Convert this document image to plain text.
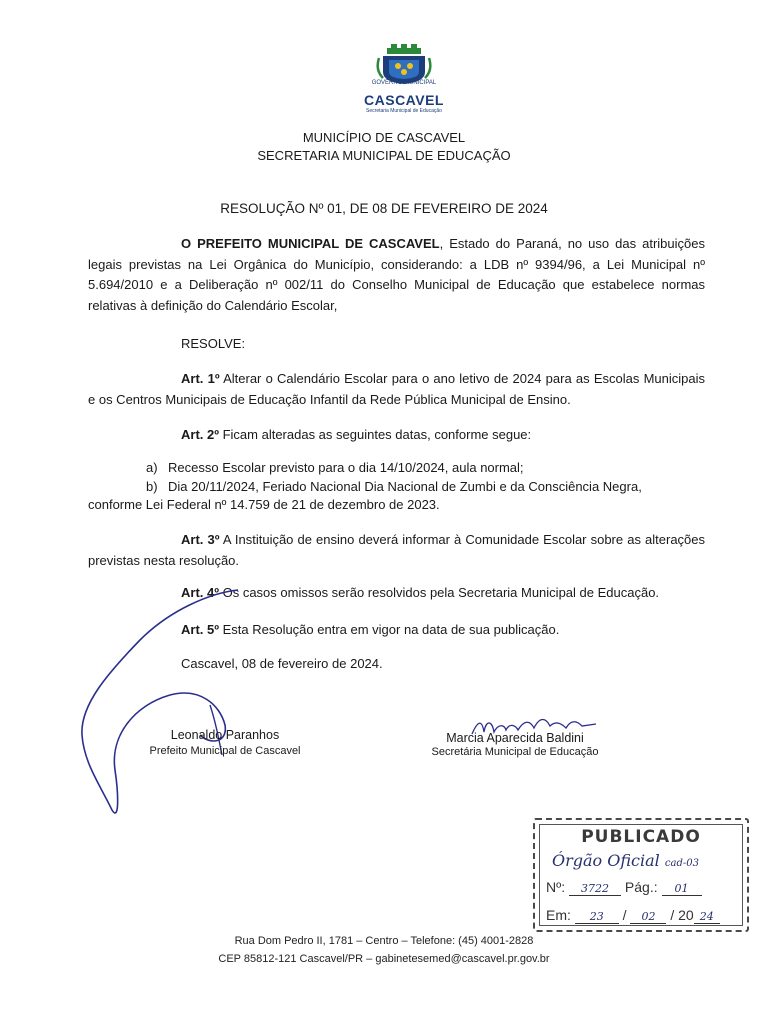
GOVERNO MUNICIPAL
CASCAVEL
Secretaria Municipal de Educação
MUNICÍPIO DE CASCAVEL
SECRETARIA MUNICIPAL DE EDUCAÇÃO
RESOLUÇÃO Nº 01, DE 08 DE FEVEREIRO DE 2024
O PREFEITO MUNICIPAL DE CASCAVEL, Estado do Paraná, no uso das atribuições legais previstas na Lei Orgânica do Município, considerando: a LDB nº 9394/96, a Lei Municipal nº 5.694/2010 e a Deliberação nº 002/11 do Conselho Municipal de Educação que estabelece normas relativas à definição do Calendário Escolar,
RESOLVE:
Art. 1º Alterar o Calendário Escolar para o ano letivo de 2024 para as Escolas Municipais e os Centros Municipais de Educação Infantil da Rede Pública Municipal de Ensino.
Art. 2º Ficam alteradas as seguintes datas, conforme segue:
a) Recesso Escolar previsto para o dia 14/10/2024, aula normal;
b) Dia 20/11/2024, Feriado Nacional Dia Nacional de Zumbi e da Consciência Negra,
conforme Lei Federal nº 14.759 de 21 de dezembro de 2023.
Art. 3º A Instituição de ensino deverá informar à Comunidade Escolar sobre as alterações previstas nesta resolução.
Art. 4º Os casos omissos serão resolvidos pela Secretaria Municipal de Educação.
Art. 5º Esta Resolução entra em vigor na data de sua publicação.
Cascavel, 08 de fevereiro de 2024.
Leonaldo Paranhos
Prefeito Municipal de Cascavel
Marcia Aparecida Baldini
Secretária Municipal de Educação
PUBLICADO
Órgão Oficial cad-03
Nº: 3722 Pág.: 01
Em: 23 / 02 / 20 24
Rua Dom Pedro II, 1781 – Centro – Telefone: (45) 4001-2828
CEP 85812-121 Cascavel/PR – gabinetesemed@cascavel.pr.gov.br
